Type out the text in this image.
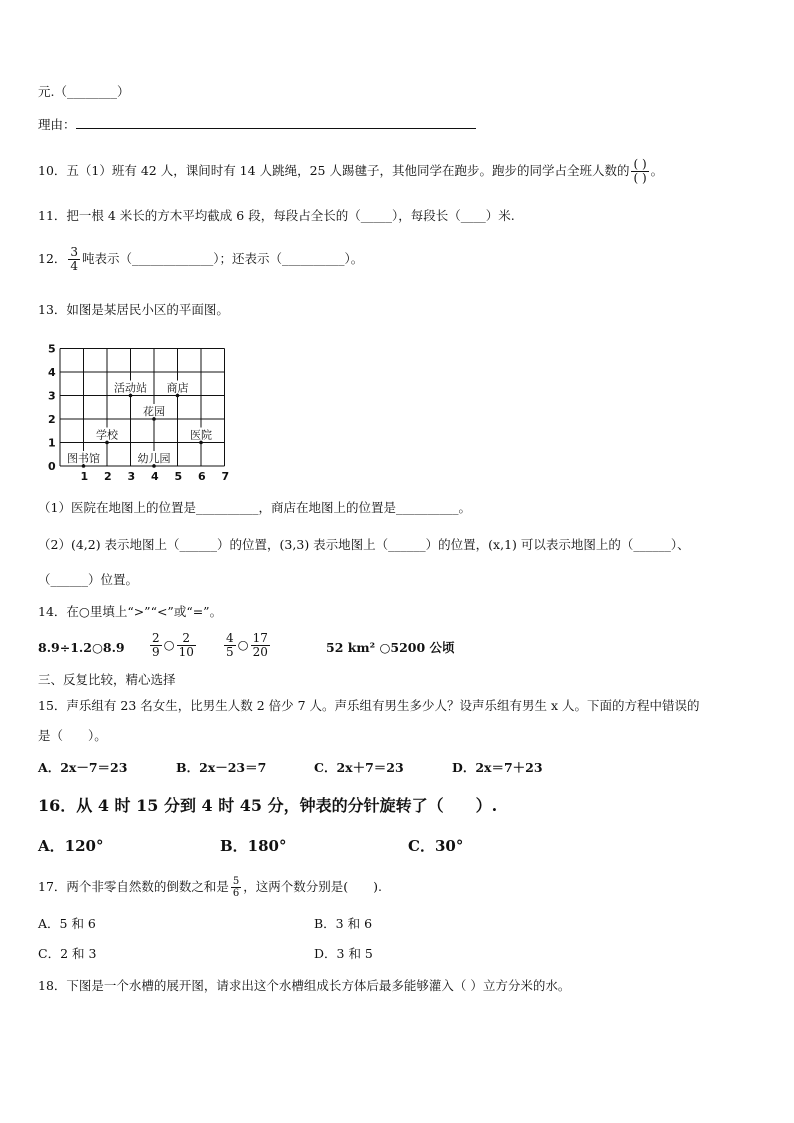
元.（________）
理由：
10．五（1）班有 42 人，课间时有 14 人跳绳，25 人踢毽子，其他同学在跑步。跑步的同学占全班人数的 $\frac{( )}{( )}$ 。
11．把一根 4 米长的方木平均截成 6 段，每段占全长的（_____），每段长（____）米.
12． $\frac{3}{4}$ 吨表示（_____________）；还表示（__________）。
13．如图是某居民小区的平面图。
0
1 2 3 4 5 6 7
1
2
3
4
5
活动站 商店
花园
学校	医院
图书馆	幼儿园
（1）医院在地图上的位置是__________，商店在地图上的位置是__________。
（2）(4,2) 表示地图上（______）的位置，(3,3) 表示地图上（______）的位置，(x,1) 可以表示地图上的（______）、
（______）位置。
14．在○里填上“>”“<”或“=”。
8.9÷1.2○8.9 $\frac{2}{9}$ ○ $\frac{2}{10} \frac{4}{5}$ ○ $\frac{17}{20}$	52 km² ○5200 公顷
三、反复比较，精心选择
15．声乐组有 23 名女生，比男生人数 2 倍少 7 人。声乐组有男生多少人？设声乐组有男生 x 人。下面的方程中错误的
是（　　）。
A．2x－7＝23	B．2x－23＝7	C．2x＋7＝23	D．2x＝7＋23
16．从 4 时 15 分到 4 时 45 分，钟表的分针旋转了（　　）.
A．120°	B．180°	C．30°
17．两个非零自然数的倒数之和是 $\frac{5}{6}$ ，这两个数分别是(　　).
A．5 和 6	B．3 和 6
C．2 和 3	D．3 和 5
18．下图是一个水槽的展开图，请求出这个水槽组成长方体后最多能够灌入（ ）立方分米的水。
